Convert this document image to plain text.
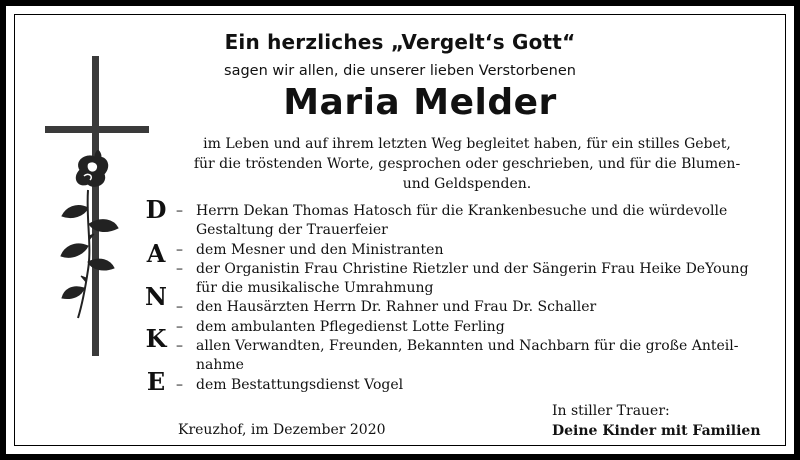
Ein herzliches „Vergelt‘s Gott“
sagen wir allen, die unserer lieben Verstorbenen
Maria Melder
im Leben und auf ihrem letzten Weg begleitet haben, für ein stilles Gebet,
für die tröstenden Worte, gesprochen oder geschrieben, und für die Blumen-
und Geldspenden.
D
A
N
K
E
– Herrn Dekan Thomas Hatosch für die Krankenbesuche und die würdevolle
Gestaltung der Trauerfeier
– dem Mesner und den Ministranten
– der Organistin Frau Christine Rietzler und der Sängerin Frau Heike DeYoung
für die musikalische Umrahmung
– den Hausärzten Herrn Dr. Rahner und Frau Dr. Schaller
– dem ambulanten Pflegedienst Lotte Ferling
– allen Verwandten, Freunden, Bekannten und Nachbarn für die große Anteil-
nahme
– dem Bestattungsdienst Vogel
Kreuzhof, im Dezember 2020
In stiller Trauer:
Deine Kinder mit Familien
